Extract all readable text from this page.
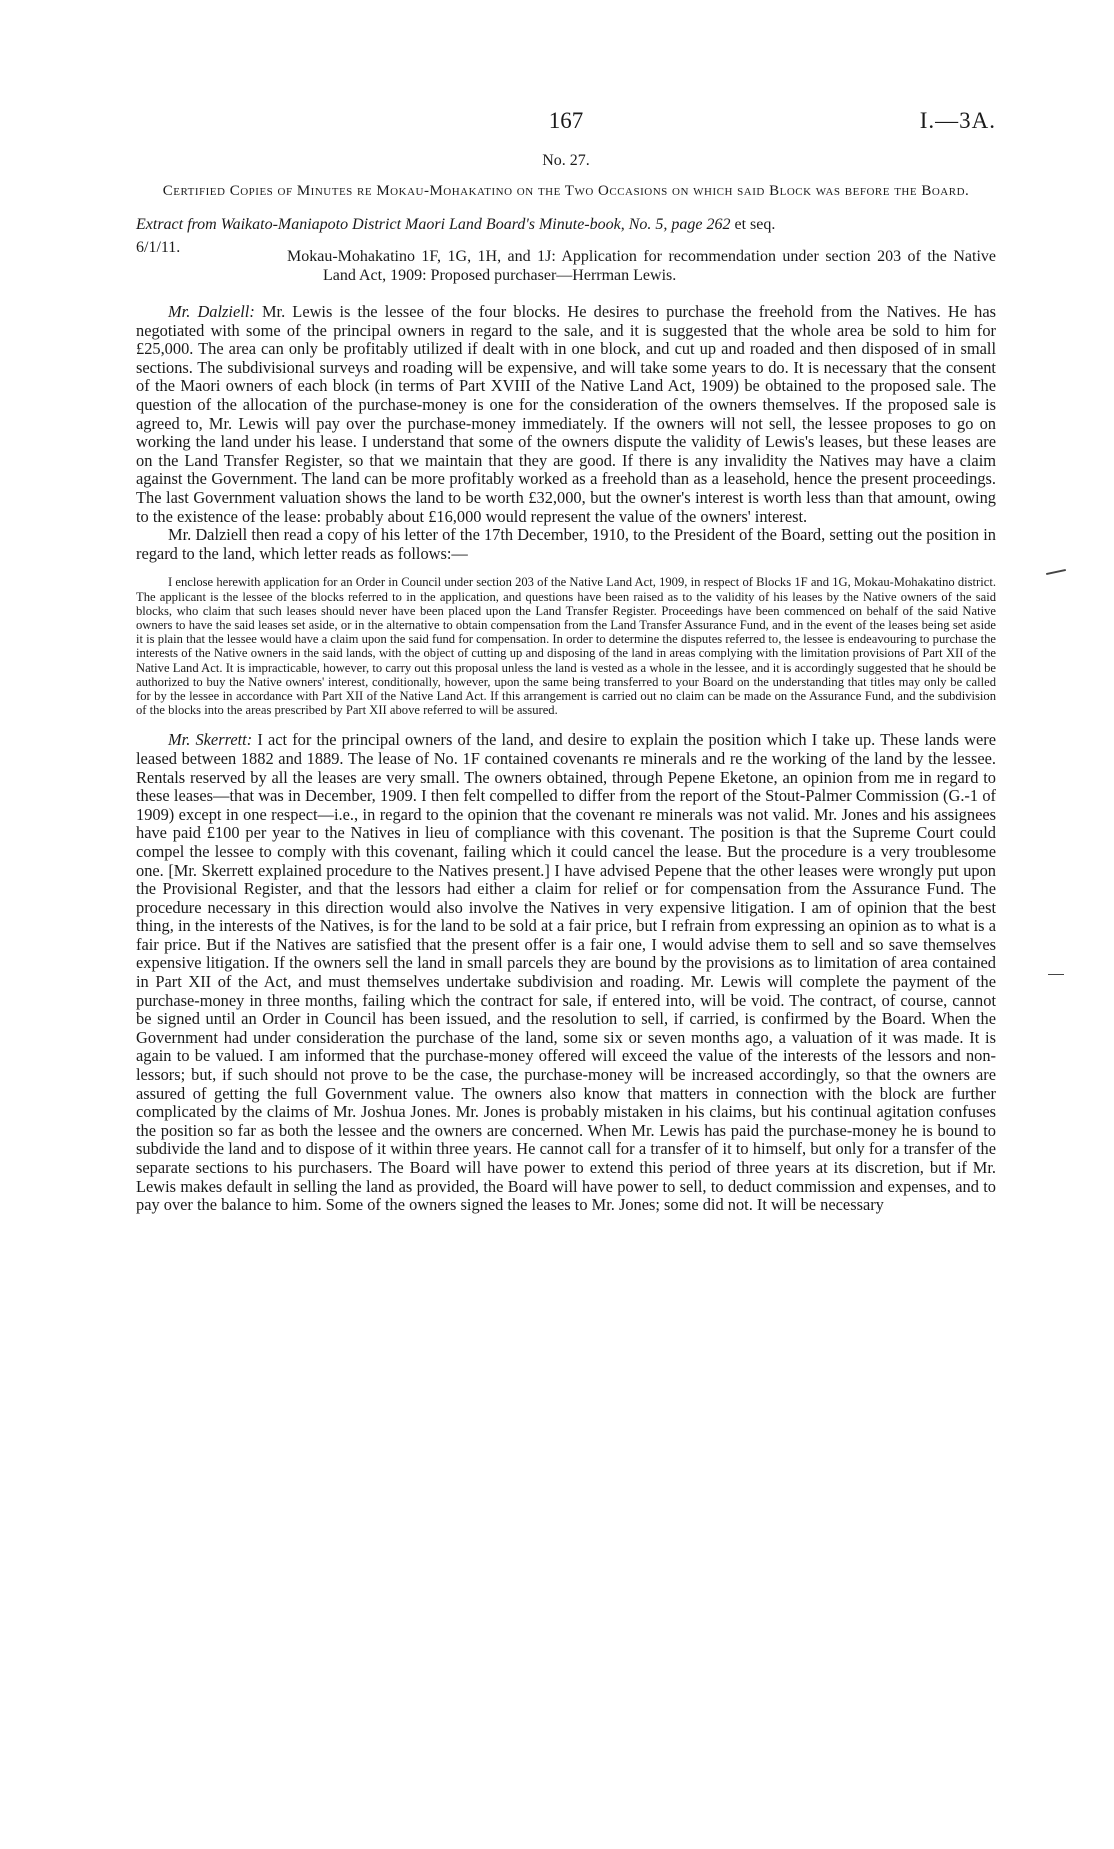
167	I.—3A.
No. 27.
Certified Copies of Minutes re Mokau-Mohakatino on the Two Occasions on which said Block was before the Board.
Extract from Waikato-Maniapoto District Maori Land Board's Minute-book, No. 5, page 262 et seq.
6/1/11.
Mokau-Mohakatino 1F, 1G, 1H, and 1J: Application for recommendation under section 203 of the Native Land Act, 1909: Proposed purchaser—Herrman Lewis.

Mr. Dalziell: Mr. Lewis is the lessee of the four blocks. He desires to purchase the freehold from the Natives. He has negotiated with some of the principal owners in regard to the sale, and it is suggested that the whole area be sold to him for £25,000. The area can only be profitably utilized if dealt with in one block, and cut up and roaded and then disposed of in small sections. The subdivisional surveys and roading will be expensive, and will take some years to do. It is necessary that the consent of the Maori owners of each block (in terms of Part XVIII of the Native Land Act, 1909) be obtained to the proposed sale. The question of the allocation of the purchase-money is one for the consideration of the owners themselves. If the proposed sale is agreed to, Mr. Lewis will pay over the purchase-money immediately. If the owners will not sell, the lessee proposes to go on working the land under his lease. I understand that some of the owners dispute the validity of Lewis's leases, but these leases are on the Land Transfer Register, so that we maintain that they are good. If there is any invalidity the Natives may have a claim against the Government. The land can be more profitably worked as a freehold than as a leasehold, hence the present proceedings. The last Government valuation shows the land to be worth £32,000, but the owner's interest is worth less than that amount, owing to the existence of the lease: probably about £16,000 would represent the value of the owners' interest.

Mr. Dalziell then read a copy of his letter of the 17th December, 1910, to the President of the Board, setting out the position in regard to the land, which letter reads as follows:—

I enclose herewith application for an Order in Council under section 203 of the Native Land Act, 1909, in respect of Blocks 1F and 1G, Mokau-Mohakatino district. The applicant is the lessee of the blocks referred to in the application, and questions have been raised as to the validity of his leases by the Native owners of the said blocks, who claim that such leases should never have been placed upon the Land Transfer Register. Proceedings have been commenced on behalf of the said Native owners to have the said leases set aside, or in the alternative to obtain compensation from the Land Transfer Assurance Fund, and in the event of the leases being set aside it is plain that the lessee would have a claim upon the said fund for compensation. In order to determine the disputes referred to, the lessee is endeavouring to purchase the interests of the Native owners in the said lands, with the object of cutting up and disposing of the land in areas complying with the limitation provisions of Part XII of the Native Land Act. It is impracticable, however, to carry out this proposal unless the land is vested as a whole in the lessee, and it is accordingly suggested that he should be authorized to buy the Native owners' interest, conditionally, however, upon the same being transferred to your Board on the understanding that titles may only be called for by the lessee in accordance with Part XII of the Native Land Act. If this arrangement is carried out no claim can be made on the Assurance Fund, and the subdivision of the blocks into the areas prescribed by Part XII above referred to will be assured.

Mr. Skerrett: I act for the principal owners of the land, and desire to explain the position which I take up. These lands were leased between 1882 and 1889. The lease of No. 1F contained covenants re minerals and re the working of the land by the lessee. Rentals reserved by all the leases are very small. The owners obtained, through Pepene Eketone, an opinion from me in regard to these leases—that was in December, 1909. I then felt compelled to differ from the report of the Stout-Palmer Commission (G.-1 of 1909) except in one respect—i.e., in regard to the opinion that the covenant re minerals was not valid. Mr. Jones and his assignees have paid £100 per year to the Natives in lieu of compliance with this covenant. The position is that the Supreme Court could compel the lessee to comply with this covenant, failing which it could cancel the lease. But the procedure is a very troublesome one. [Mr. Skerrett explained procedure to the Natives present.] I have advised Pepene that the other leases were wrongly put upon the Provisional Register, and that the lessors had either a claim for relief or for compensation from the Assurance Fund. The procedure necessary in this direction would also involve the Natives in very expensive litigation. I am of opinion that the best thing, in the interests of the Natives, is for the land to be sold at a fair price, but I refrain from expressing an opinion as to what is a fair price. But if the Natives are satisfied that the present offer is a fair one, I would advise them to sell and so save themselves expensive litigation. If the owners sell the land in small parcels they are bound by the provisions as to limitation of area contained in Part XII of the Act, and must themselves undertake subdivision and roading. Mr. Lewis will complete the payment of the purchase-money in three months, failing which the contract for sale, if entered into, will be void. The contract, of course, cannot be signed until an Order in Council has been issued, and the resolution to sell, if carried, is confirmed by the Board. When the Government had under consideration the purchase of the land, some six or seven months ago, a valuation of it was made. It is again to be valued. I am informed that the purchase-money offered will exceed the value of the interests of the lessors and non-lessors; but, if such should not prove to be the case, the purchase-money will be increased accordingly, so that the owners are assured of getting the full Government value. The owners also know that matters in connection with the block are further complicated by the claims of Mr. Joshua Jones. Mr. Jones is probably mistaken in his claims, but his continual agitation confuses the position so far as both the lessee and the owners are concerned. When Mr. Lewis has paid the purchase-money he is bound to subdivide the land and to dispose of it within three years. He cannot call for a transfer of it to himself, but only for a transfer of the separate sections to his purchasers. The Board will have power to extend this period of three years at its discretion, but if Mr. Lewis makes default in selling the land as provided, the Board will have power to sell, to deduct commission and expenses, and to pay over the balance to him. Some of the owners signed the leases to Mr. Jones; some did not. It will be necessary
